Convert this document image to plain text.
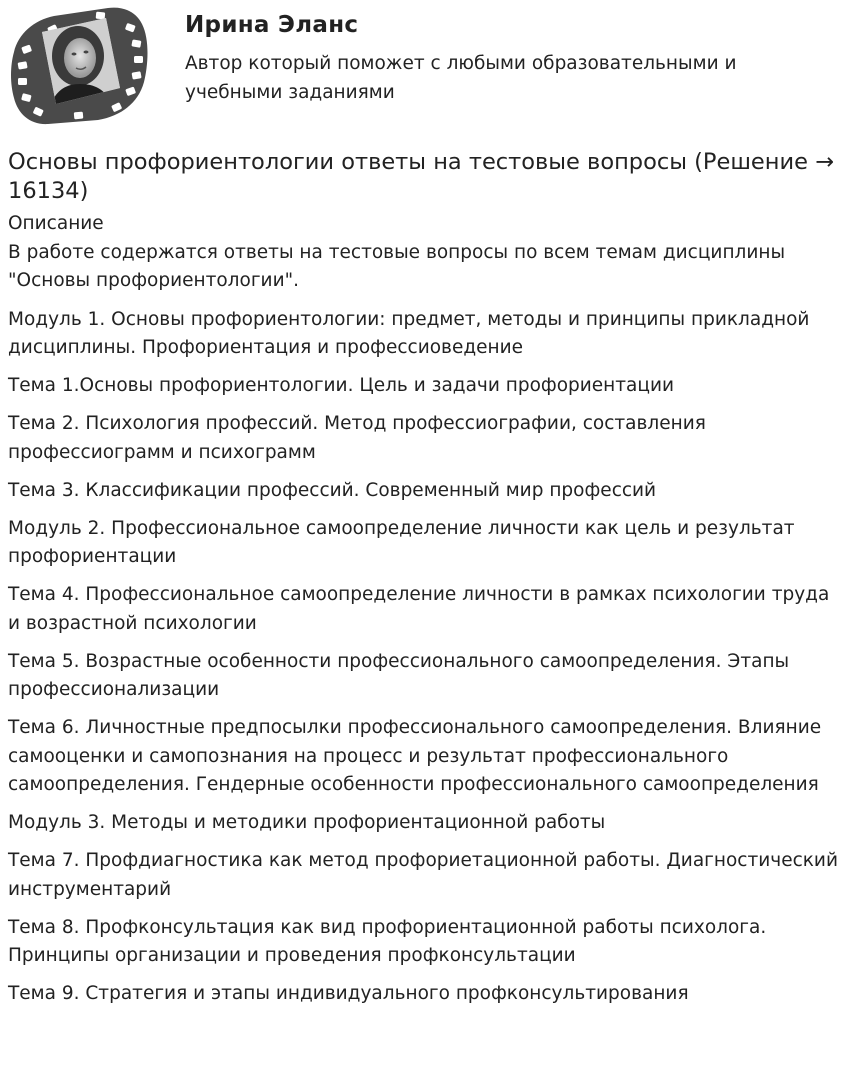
Ирина Эланс
Автор который поможет с любыми образовательными и учебными заданиями
Основы профориентологии ответы на тестовые вопросы (Решение → 16134)
Описание
В работе содержатся ответы на тестовые вопросы по всем темам дисциплины "Основы профориентологии".
Модуль 1. Основы профориентологии: предмет, методы и принципы прикладной дисциплины. Профориентация и профессиоведение
Тема 1.Основы профориентологии. Цель и задачи профориентации
Тема 2. Психология профессий. Метод профессиографии, составления профессиограмм и психограмм
Тема 3. Классификации профессий. Современный мир профессий
Модуль 2. Профессиональное самоопределение личности как цель и результат профориентации
Тема 4. Профессиональное самоопределение личности в рамках психологии труда и возрастной психологии
Тема 5. Возрастные особенности профессионального самоопределения. Этапы профессионализации
Тема 6. Личностные предпосылки профессионального самоопределения. Влияние самооценки и самопознания на процесс и результат профессионального самоопределения. Гендерные особенности профессионального самоопределения
Модуль 3. Методы и методики профориентационной работы
Тема 7. Профдиагностика как метод профориетационной работы. Диагностический инструментарий
Тема 8. Профконсультация как вид профориентационной работы психолога. Принципы организации и проведения профконсультации
Тема 9. Стратегия и этапы индивидуального профконсультирования
